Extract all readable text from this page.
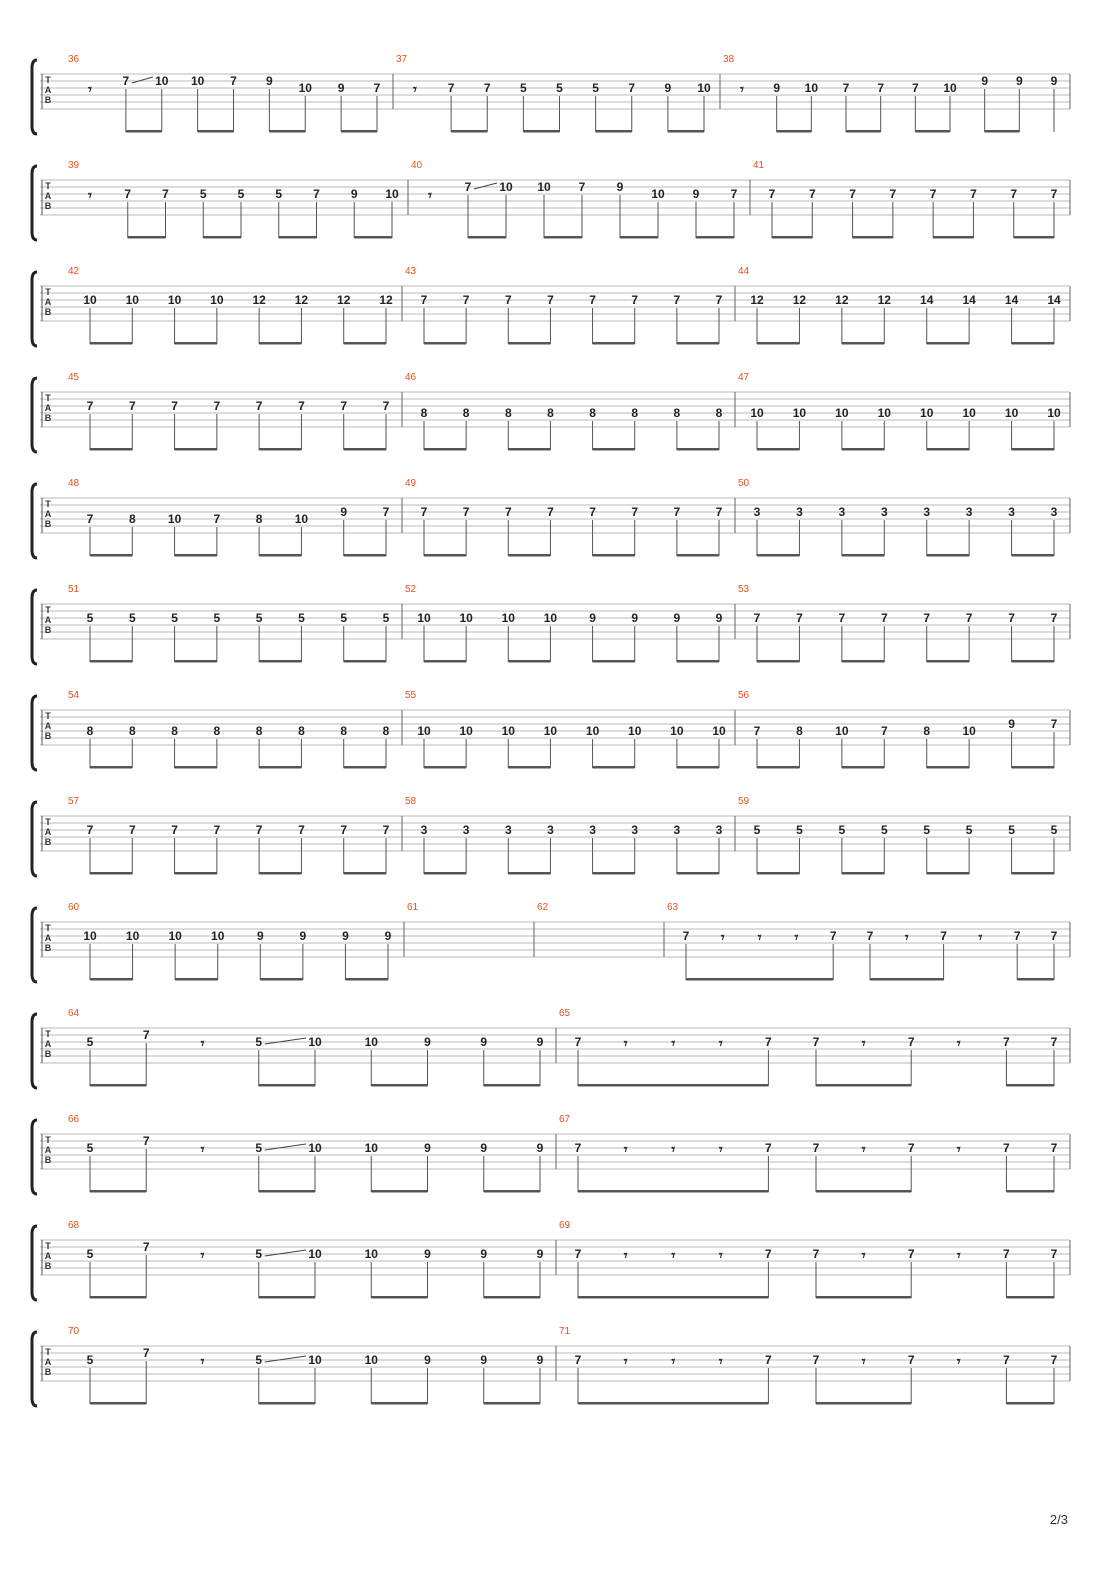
T
A
B
36
𝄾
7 10 10 7 9 10 9 7
37
𝄾	7 7 5 5 5 7 9 10
38
𝄾 9 10 7 7 7 10 9 9 9
T
A
B
39
𝄾	7	7	5	5	5	7	9 10
40
𝄾
7 10 10 7	9 10 9	7
41
7	7	7	7	7	7	7	7
T
A
B
42
10 10 10 10 12 12 12 12
43
7	7	7	7	7	7	7	7
44
12 12 12 12 14 14 14 14
T
A
B
45
7	7	7	7	7	7	7	7
46
8	8	8	8	8	8	8	8
47
10 10 10 10 10 10 10 10
T
A
B
48
7	8	10	7	8	10	9	7
49
7	7	7	7	7	7	7	7
50
3	3	3	3	3	3	3	3
T
A
B
51
5	5	5	5	5	5	5	5
52
10 10 10 10	9	9	9	9
53
7	7	7	7	7	7	7	7
T
A
B
54
8	8	8	8	8	8	8	8
55
10 10 10 10 10 10 10 10
56
7	8	10	7	8	10	9	7
T
A
B
57
7	7	7	7	7	7	7	7
58
3	3	3	3	3	3	3	3
59
5	5	5	5	5	5	5	5
T
A
B
60
10 10 10 10	9	9	9	9
61	62	63
7 𝄾 𝄾 𝄾	7	7 𝄾	7 𝄾	7	7
T
A
B
64
5	7
𝄾	5	10	10	9	9	9
65
7	𝄾	𝄾	𝄾	7	7	𝄾	7	𝄾	7	7
T
A
B
66
5	7
𝄾	5	10	10	9	9	9
67
7	𝄾	𝄾	𝄾	7	7	𝄾	7	𝄾	7	7
T
A
B
68
5	7
𝄾	5	10	10	9	9	9
69
7	𝄾	𝄾	𝄾	7	7	𝄾	7	𝄾	7	7
T
A
B
70
5	7
𝄾	5	10	10	9	9	9
71
7	𝄾	𝄾	𝄾	7	7	𝄾	7	𝄾	7	7
2/3
